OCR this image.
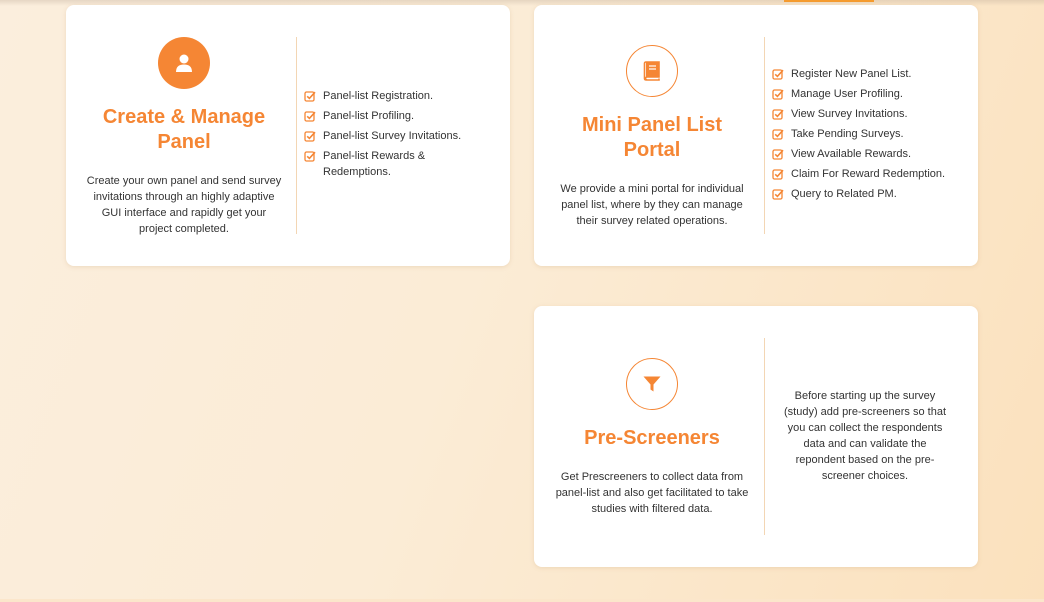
Create & Manage Panel
Create your own panel and send survey invitations through an highly adaptive GUI interface and rapidly get your project completed.
Panel-list Registration.
Panel-list Profiling.
Panel-list Survey Invitations.
Panel-list Rewards & Redemptions.
Mini Panel List Portal
We provide a mini portal for individual panel list, where by they can manage their survey related operations.
Register New Panel List.
Manage User Profiling.
View Survey Invitations.
Take Pending Surveys.
View Available Rewards.
Claim For Reward Redemption.
Query to Related PM.
Pre-Screeners
Get Prescreeners to collect data from panel-list and also get facilitated to take studies with filtered data.
Before starting up the survey (study) add pre-screeners so that you can collect the respondents data and can validate the repondent based on the pre-screener choices.
